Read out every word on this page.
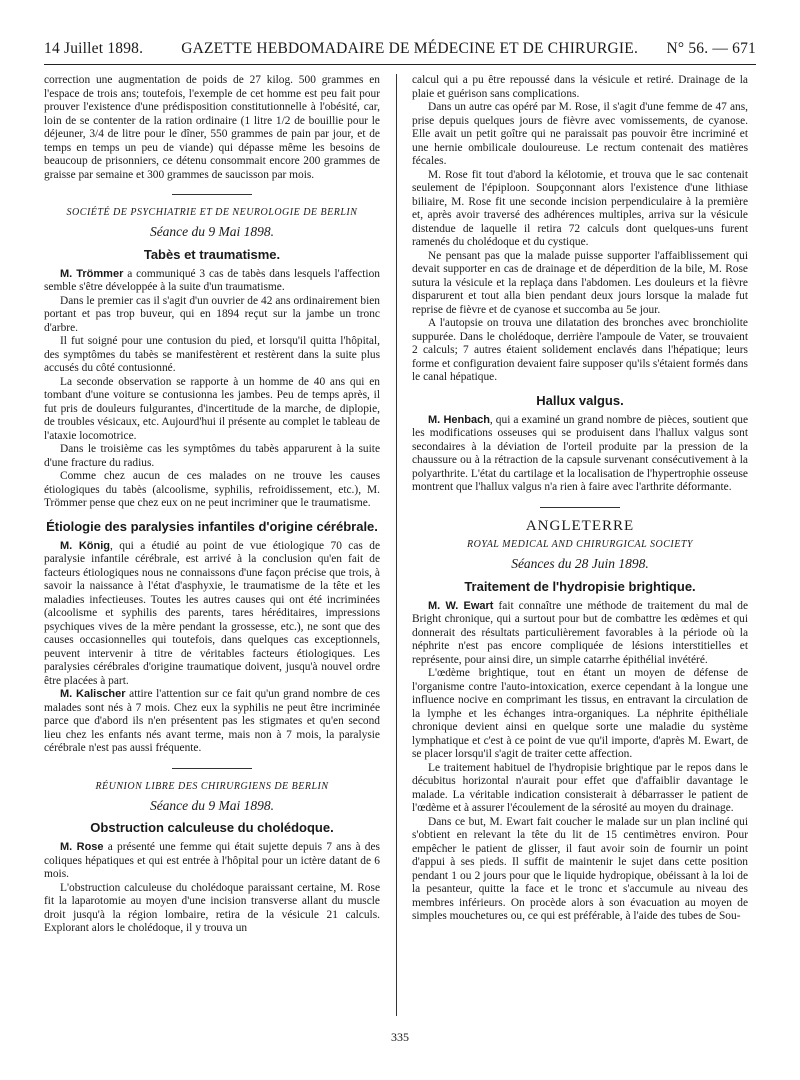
14 Juillet 1898. GAZETTE HEBDOMADAIRE DE MÉDECINE ET DE CHIRURGIE. N° 56. — 671

correction une augmentation de poids de 27 kilog. 500 grammes en l'espace de trois ans; toutefois, l'exemple de cet homme est peu fait pour prouver l'existence d'une prédisposition constitutionnelle à l'obésité, car, loin de se contenter de la ration ordinaire (1 litre 1/2 de bouillie pour le déjeuner, 3/4 de litre pour le dîner, 550 grammes de pain par jour, et de temps en temps un peu de viande) qui dépasse même les besoins de beaucoup de prisonniers, ce détenu consommait encore 200 grammes de graisse par semaine et 300 grammes de saucisson par mois.

SOCIÉTÉ DE PSYCHIATRIE ET DE NEUROLOGIE DE BERLIN
Séance du 9 Mai 1898.
Tabès et traumatisme.

M. Trömmer a communiqué 3 cas de tabès dans lesquels l'affection semble s'être développée à la suite d'un traumatisme.

Dans le premier cas il s'agit d'un ouvrier de 42 ans ordinairement bien portant et pas trop buveur, qui en 1894 reçut sur la jambe un tronc d'arbre.

Il fut soigné pour une contusion du pied, et lorsqu'il quitta l'hôpital, des symptômes du tabès se manifestèrent et restèrent dans la suite plus accusés du côté contusionné.

La seconde observation se rapporte à un homme de 40 ans qui en tombant d'une voiture se contusionna les jambes. Peu de temps après, il fut pris de douleurs fulgurantes, d'incertitude de la marche, de diplopie, de troubles vésicaux, etc. Aujourd'hui il présente au complet le tableau de l'ataxie locomotrice.

Dans le troisième cas les symptômes du tabès apparurent à la suite d'une fracture du radius.

Comme chez aucun de ces malades on ne trouve les causes étiologiques du tabès (alcoolisme, syphilis, refroidissement, etc.), M. Trömmer pense que chez eux on ne peut incriminer que le traumatisme.

Étiologie des paralysies infantiles d'origine cérébrale.

M. König, qui a étudié au point de vue étiologique 70 cas de paralysie infantile cérébrale, est arrivé à la conclusion qu'en fait de facteurs étiologiques nous ne connaissons d'une façon précise que trois, à savoir la naissance à l'état d'asphyxie, le traumatisme de la tête et les maladies infectieuses. Toutes les autres causes qui ont été incriminées (alcoolisme et syphilis des parents, tares héréditaires, impressions psychiques vives de la mère pendant la grossesse, etc.), ne sont que des causes occasionnelles qui toutefois, dans quelques cas exceptionnels, peuvent intervenir à titre de véritables facteurs étiologiques. Les paralysies cérébrales d'origine traumatique doivent, jusqu'à nouvel ordre être placées à part.

M. Kalischer attire l'attention sur ce fait qu'un grand nombre de ces malades sont nés à 7 mois. Chez eux la syphilis ne peut être incriminée parce que d'abord ils n'en présentent pas les stigmates et qu'en second lieu chez les enfants nés avant terme, mais non à 7 mois, la paralysie cérébrale n'est pas aussi fréquente.

RÉUNION LIBRE DES CHIRURGIENS DE BERLIN
Séance du 9 Mai 1898.
Obstruction calculeuse du cholédoque.

M. Rose a présenté une femme qui était sujette depuis 7 ans à des coliques hépatiques et qui est entrée à l'hôpital pour un ictère datant de 6 mois.

L'obstruction calculeuse du cholédoque paraissant certaine, M. Rose fit la laparotomie au moyen d'une incision transverse allant du muscle droit jusqu'à la région lombaire, retira de la vésicule 21 calculs. Explorant alors le cholédoque, il y trouva un

calcul qui a pu être repoussé dans la vésicule et retiré. Drainage de la plaie et guérison sans complications.

Dans un autre cas opéré par M. Rose, il s'agit d'une femme de 47 ans, prise depuis quelques jours de fièvre avec vomissements, de cyanose. Elle avait un petit goître qui ne paraissait pas pouvoir être incriminé et une hernie ombilicale douloureuse. Le rectum contenait des matières fécales.

M. Rose fit tout d'abord la kélotomie, et trouva que le sac contenait seulement de l'épiploon. Soupçonnant alors l'existence d'une lithiase biliaire, M. Rose fit une seconde incision perpendiculaire à la première et, après avoir traversé des adhérences multiples, arriva sur la vésicule distendue de laquelle il retira 72 calculs dont quelques-uns furent ramenés du cholédoque et du cystique.

Ne pensant pas que la malade puisse supporter l'affaiblissement qui devait supporter en cas de drainage et de déperdition de la bile, M. Rose sutura la vésicule et la replaça dans l'abdomen. Les douleurs et la fièvre disparurent et tout alla bien pendant deux jours lorsque la malade fut reprise de fièvre et de cyanose et succomba au 5e jour.

A l'autopsie on trouva une dilatation des bronches avec bronchiolite suppurée. Dans le cholédoque, derrière l'ampoule de Vater, se trouvaient 2 calculs; 7 autres étaient solidement enclavés dans l'hépatique; leurs forme et configuration devaient faire supposer qu'ils s'étaient formés dans le canal hépatique.

Hallux valgus.

M. Henbach, qui a examiné un grand nombre de pièces, soutient que les modifications osseuses qui se produisent dans l'hallux valgus sont secondaires à la déviation de l'orteil produite par la pression de la chaussure ou à la rétraction de la capsule survenant consécutivement à la polyarthrite. L'état du cartilage et la localisation de l'hypertrophie osseuse montrent que l'hallux valgus n'a rien à faire avec l'arthrite déformante.

ANGLETERRE
ROYAL MEDICAL AND CHIRURGICAL SOCIETY
Séances du 28 Juin 1898.
Traitement de l'hydropisie brightique.

M. W. Ewart fait connaître une méthode de traitement du mal de Bright chronique, qui a surtout pour but de combattre les œdèmes et qui donnerait des résultats particulièrement favorables à la période où la néphrite n'est pas encore compliquée de lésions interstitielles et représente, pour ainsi dire, un simple catarrhe épithélial invétéré.

L'œdème brightique, tout en étant un moyen de défense de l'organisme contre l'auto-intoxication, exerce cependant à la longue une influence nocive en comprimant les tissus, en entravant la circulation de la lymphe et les échanges intra-organiques. La néphrite épithéliale chronique devient ainsi en quelque sorte une maladie du système lymphatique et c'est à ce point de vue qu'il importe, d'après M. Ewart, de se placer lorsqu'il s'agit de traiter cette affection.

Le traitement habituel de l'hydropisie brightique par le repos dans le décubitus horizontal n'aurait pour effet que d'affaiblir davantage le malade. La véritable indication consisterait à débarrasser le patient de l'œdème et à assurer l'écoulement de la sérosité au moyen du drainage.

Dans ce but, M. Ewart fait coucher le malade sur un plan incliné qui s'obtient en relevant la tête du lit de 15 centimètres environ. Pour empêcher le patient de glisser, il faut avoir soin de fournir un point d'appui à ses pieds. Il suffit de maintenir le sujet dans cette position pendant 1 ou 2 jours pour que le liquide hydropique, obéissant à la loi de la pesanteur, quitte la face et le tronc et s'accumule au niveau des membres inférieurs. On procède alors à son évacuation au moyen de simples mouchetures ou, ce qui est préférable, à l'aide des tubes de Sou-

335
